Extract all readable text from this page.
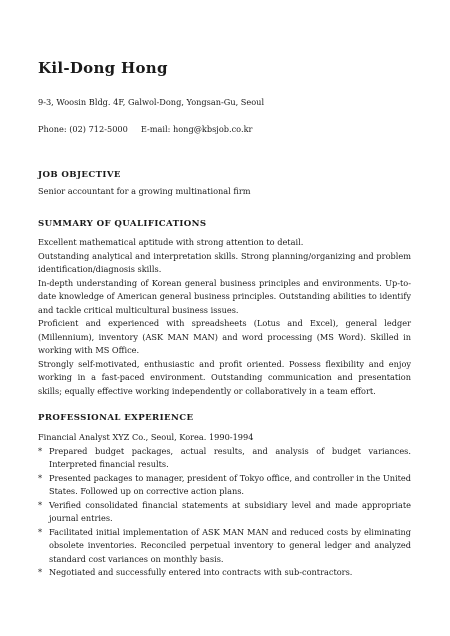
Kil-Dong Hong
9-3, Woosin Bldg. 4F, Galwol-Dong, Yongsan-Gu, Seoul
Phone: (02) 712-5000     E-mail: hong@kbsjob.co.kr
JOB OBJECTIVE
Senior accountant for a growing multinational firm
SUMMARY OF QUALIFICATIONS
Excellent mathematical aptitude with strong attention to detail.
Outstanding analytical and interpretation skills. Strong planning/organizing and problem identification/diagnosis skills.
In-depth understanding of Korean general business principles and environments. Up-to-date knowledge of American general business principles. Outstanding abilities to identify and tackle critical multicultural business issues.
Proficient and experienced with spreadsheets (Lotus and Excel), general ledger (Millennium), inventory (ASK MAN MAN) and word processing (MS Word). Skilled in working with MS Office.
Strongly self-motivated, enthusiastic and profit oriented. Possess flexibility and enjoy working in a fast-paced environment. Outstanding communication and presentation skills; equally effective working independently or collaboratively in a team effort.
PROFESSIONAL EXPERIENCE
Financial Analyst XYZ Co., Seoul, Korea. 1990-1994
* Prepared budget packages, actual results, and analysis of budget variances. Interpreted financial results.
* Presented packages to manager, president of Tokyo office, and controller in the United States. Followed up on corrective action plans.
* Verified consolidated financial statements at subsidiary level and made appropriate journal entries.
* Facilitated initial implementation of ASK MAN MAN and reduced costs by eliminating obsolete inventories. Reconciled perpetual inventory to general ledger and analyzed standard cost variances on monthly basis.
* Negotiated and successfully entered into contracts with sub-contractors.
